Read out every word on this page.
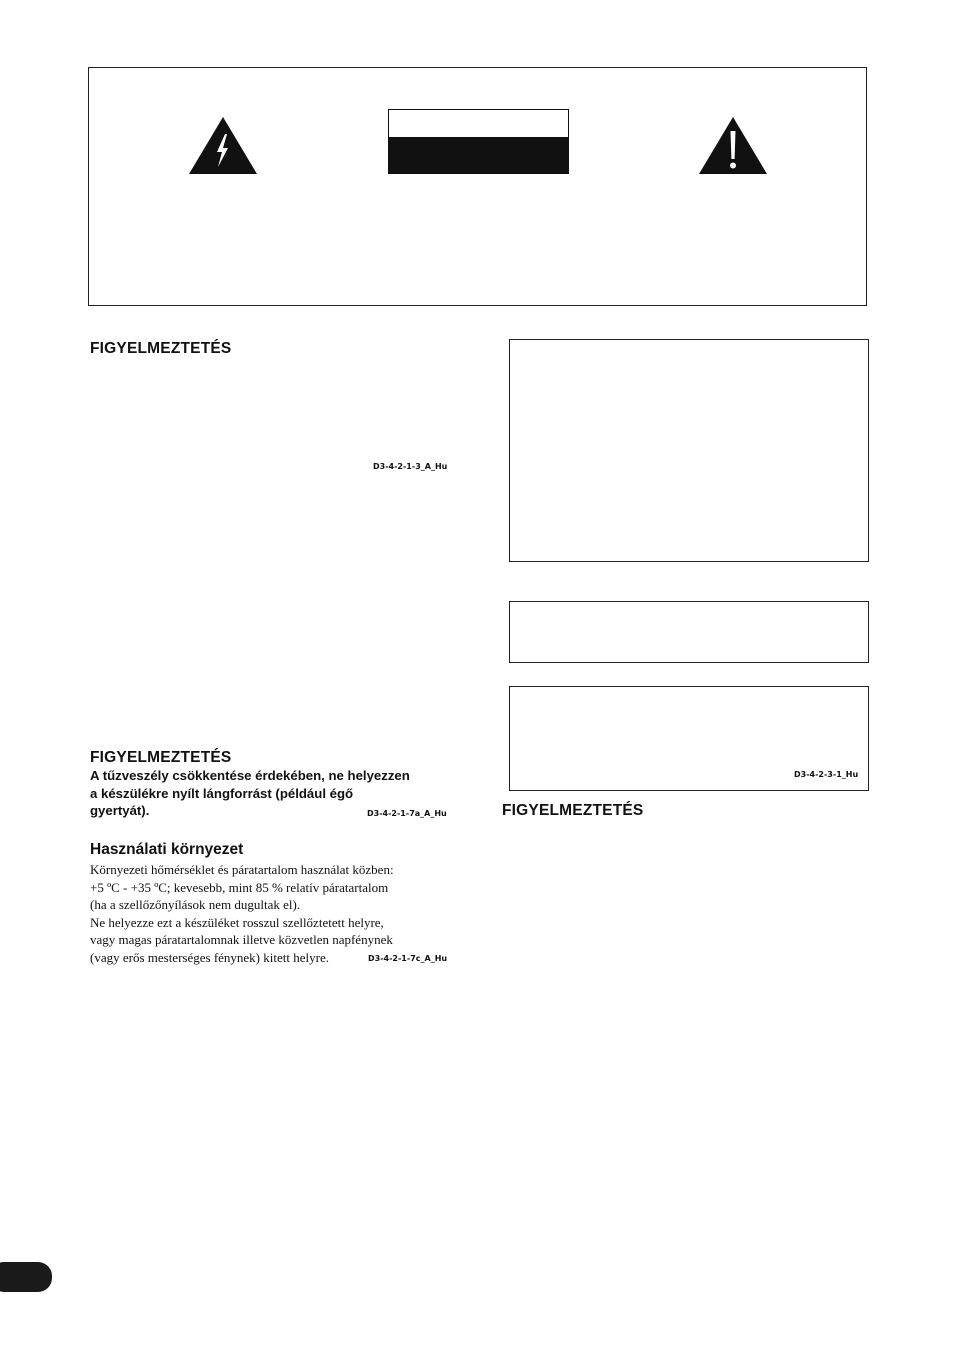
FIGYELMEZTETÉS
D3-4-2-1-3_A_Hu
FIGYELMEZTETÉS

A tűzveszély csökkentése érdekében, ne helyezzen
a készülékre nyílt lángforrást (például égő
gyertyát).	D3-4-2-1-7a_A_Hu
Használati környezet

Környezeti hőmérséklet és páratartalom használat közben:
+5 ºC - +35 ºC; kevesebb, mint 85 % relatív páratartalom
(ha a szellőzőnyílások nem dugultak el).
Ne helyezze ezt a készüléket rosszul szellőztetett helyre,
vagy magas páratartalomnak illetve közvetlen napfénynek
(vagy erős mesterséges fénynek) kitett helyre.	D3-4-2-1-7c_A_Hu
D3-4-2-3-1_Hu
FIGYELMEZTETÉS
